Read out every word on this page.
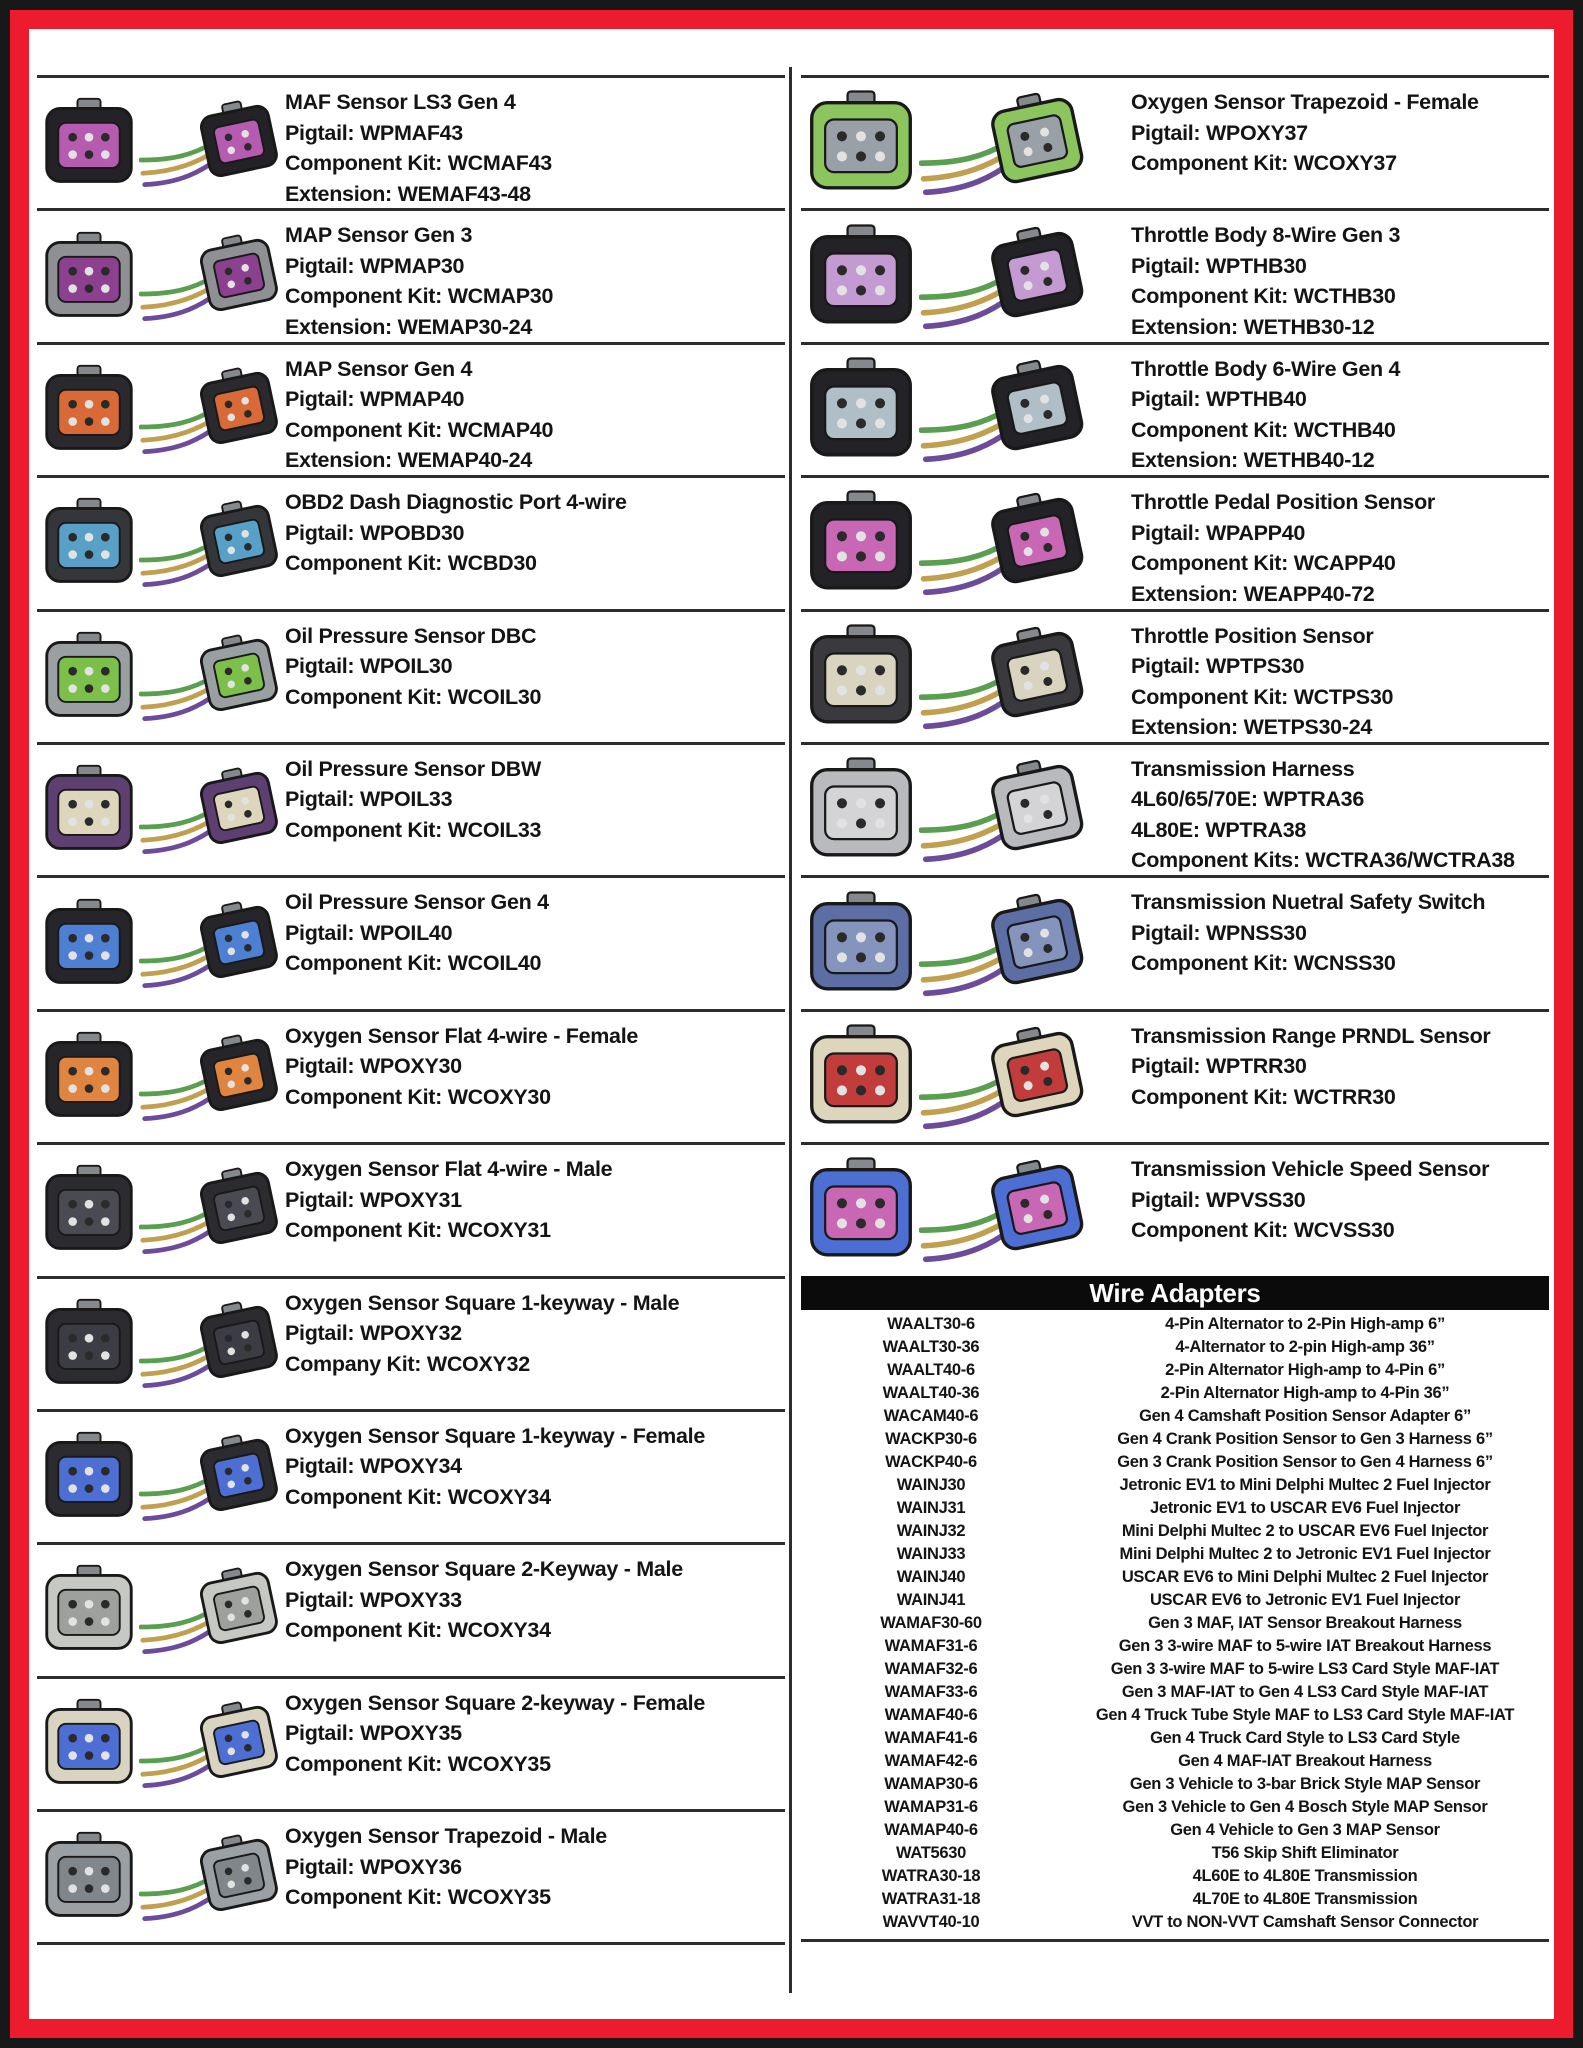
MAF Sensor LS3 Gen 4
Pigtail: WPMAF43
Component Kit: WCMAF43
Extension: WEMAF43-48
MAP Sensor Gen 3
Pigtail: WPMAP30
Component Kit: WCMAP30
Extension: WEMAP30-24
MAP Sensor Gen 4
Pigtail: WPMAP40
Component Kit: WCMAP40
Extension: WEMAP40-24
OBD2 Dash Diagnostic Port 4-wire
Pigtail: WPOBD30
Component Kit: WCBD30
Oil Pressure Sensor DBC
Pigtail: WPOIL30
Component Kit: WCOIL30
Oil Pressure Sensor DBW
Pigtail: WPOIL33
Component Kit: WCOIL33
Oil Pressure Sensor Gen 4
Pigtail: WPOIL40
Component Kit: WCOIL40
Oxygen Sensor Flat 4-wire - Female
Pigtail: WPOXY30
Component Kit: WCOXY30
Oxygen Sensor Flat 4-wire - Male
Pigtail: WPOXY31
Component Kit: WCOXY31
Oxygen Sensor Square 1-keyway - Male
Pigtail: WPOXY32
Company Kit: WCOXY32
Oxygen Sensor Square 1-keyway - Female
Pigtail: WPOXY34
Component Kit: WCOXY34
Oxygen Sensor Square 2-Keyway - Male
Pigtail: WPOXY33
Component Kit: WCOXY34
Oxygen Sensor Square 2-keyway - Female
Pigtail: WPOXY35
Component Kit: WCOXY35
Oxygen Sensor Trapezoid - Male
Pigtail: WPOXY36
Component Kit: WCOXY35
Oxygen Sensor Trapezoid - Female
Pigtail: WPOXY37
Component Kit: WCOXY37
Throttle Body 8-Wire Gen 3
Pigtail: WPTHB30
Component Kit: WCTHB30
Extension: WETHB30-12
Throttle Body 6-Wire Gen 4
Pigtail: WPTHB40
Component Kit: WCTHB40
Extension: WETHB40-12
Throttle Pedal Position Sensor
Pigtail: WPAPP40
Component Kit: WCAPP40
Extension: WEAPP40-72
Throttle Position Sensor
Pigtail: WPTPS30
Component Kit: WCTPS30
Extension: WETPS30-24
Transmission Harness
4L60/65/70E: WPTRA36
4L80E: WPTRA38
Component Kits: WCTRA36/WCTRA38
Transmission Nuetral Safety Switch
Pigtail: WPNSS30
Component Kit: WCNSS30
Transmission Range PRNDL Sensor
Pigtail: WPTRR30
Component Kit: WCTRR30
Transmission Vehicle Speed Sensor
Pigtail: WPVSS30
Component Kit: WCVSS30
Wire Adapters
WAALT30-6	4-Pin Alternator to 2-Pin High-amp 6”
WAALT30-36	4-Alternator to 2-pin High-amp 36”
WAALT40-6	2-Pin Alternator High-amp to 4-Pin 6”
WAALT40-36	2-Pin Alternator High-amp to 4-Pin 36”
WACAM40-6	Gen 4 Camshaft Position Sensor Adapter 6”
WACKP30-6	Gen 4 Crank Position Sensor to Gen 3 Harness 6”
WACKP40-6	Gen 3 Crank Position Sensor to Gen 4 Harness 6”
WAINJ30	Jetronic EV1 to Mini Delphi Multec 2 Fuel Injector
WAINJ31	Jetronic EV1 to USCAR EV6 Fuel Injector
WAINJ32	Mini Delphi Multec 2 to USCAR EV6 Fuel Injector
WAINJ33	Mini Delphi Multec 2 to Jetronic EV1 Fuel Injector
WAINJ40	USCAR EV6 to Mini Delphi Multec 2 Fuel Injector
WAINJ41	USCAR EV6 to Jetronic EV1 Fuel Injector
WAMAF30-60	Gen 3 MAF, IAT Sensor Breakout Harness
WAMAF31-6	Gen 3 3-wire MAF to 5-wire IAT Breakout Harness
WAMAF32-6	Gen 3 3-wire MAF to 5-wire LS3 Card Style MAF-IAT
WAMAF33-6	Gen 3 MAF-IAT to Gen 4 LS3 Card Style MAF-IAT
WAMAF40-6	Gen 4 Truck Tube Style MAF to LS3 Card Style MAF-IAT
WAMAF41-6	Gen 4 Truck Card Style to LS3 Card Style
WAMAF42-6	Gen 4 MAF-IAT Breakout Harness
WAMAP30-6	Gen 3 Vehicle to 3-bar Brick Style MAP Sensor
WAMAP31-6	Gen 3 Vehicle to Gen 4 Bosch Style MAP Sensor
WAMAP40-6	Gen 4 Vehicle to Gen 3 MAP Sensor
WAT5630	T56 Skip Shift Eliminator
WATRA30-18	4L60E to 4L80E Transmission
WATRA31-18	4L70E to 4L80E Transmission
WAVVT40-10	VVT to NON-VVT Camshaft Sensor Connector
